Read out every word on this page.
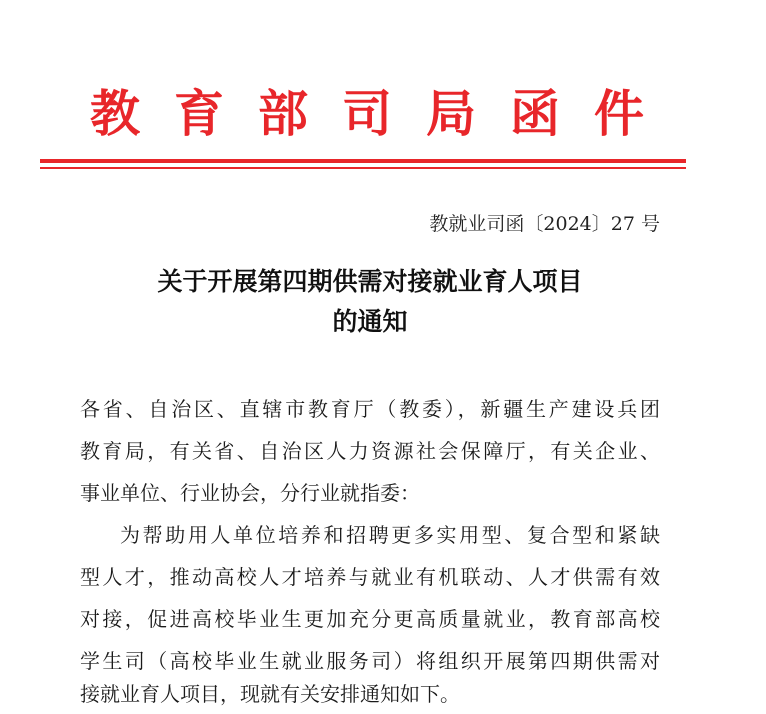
教 育 部 司 局 函 件
教就业司函〔2024〕27 号
关于开展第四期供需对接就业育人项目
的通知
各省、自治区、直辖市教育厅（教委），新疆生产建设兵团
教育局，有关省、自治区人力资源社会保障厅，有关企业、
事业单位、行业协会，分行业就指委：
为帮助用人单位培养和招聘更多实用型、复合型和紧缺
型人才，推动高校人才培养与就业有机联动、人才供需有效
对接，促进高校毕业生更加充分更高质量就业，教育部高校
学生司（高校毕业生就业服务司）将组织开展第四期供需对
接就业育人项目，现就有关安排通知如下。
